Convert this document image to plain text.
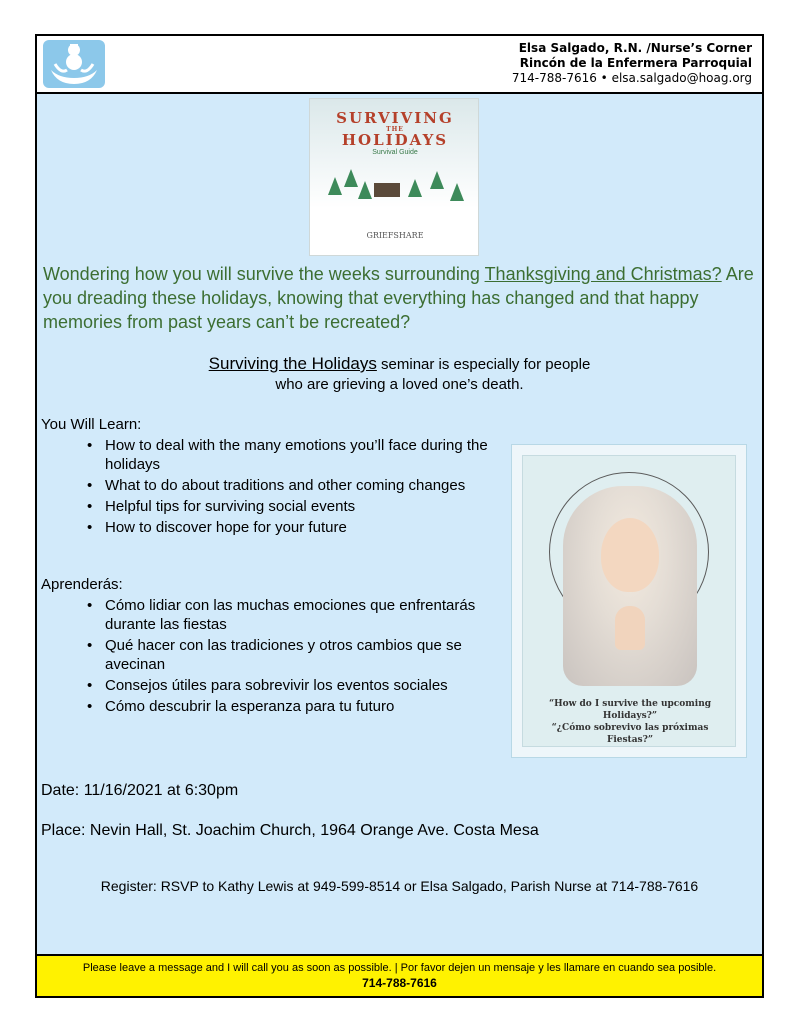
Elsa Salgado, R.N. /Nurse’s Corner
Rincón de la Enfermera Parroquial
714-788-7616 • elsa.salgado@hoag.org
SURVIVING
THE
HOLIDAYS
Survival Guide
GRIEFSHARE
Wondering how you will survive the weeks surrounding Thanksgiving and Christmas? Are you dreading these holidays, knowing that everything has changed and that happy memories from past years can’t be recreated?
Surviving the Holidays seminar is especially for people
who are grieving a loved one’s death.
You Will Learn:
• How to deal with the many emotions you’ll face during the holidays
• What to do about traditions and other coming changes
• Helpful tips for surviving social events
• How to discover hope for your future
Aprenderás:
• Cómo lidiar con las muchas emociones que enfrentarás durante las fiestas
• Qué hacer con las tradiciones y otros cambios que se avecinan
• Consejos útiles para sobrevivir los eventos sociales
• Cómo descubrir la esperanza para tu futuro	“How do I survive the upcoming Holidays?”
“¿Cómo sobrevivo las próximas Fiestas?”
Date: 11/16/2021 at 6:30pm
Place: Nevin Hall, St. Joachim Church, 1964 Orange Ave. Costa Mesa
Register: RSVP to Kathy Lewis at 949-599-8514 or Elsa Salgado, Parish Nurse at 714-788-7616
Please leave a message and I will call you as soon as possible. | Por favor dejen un mensaje y les llamare en cuando sea posible.
714-788-7616
